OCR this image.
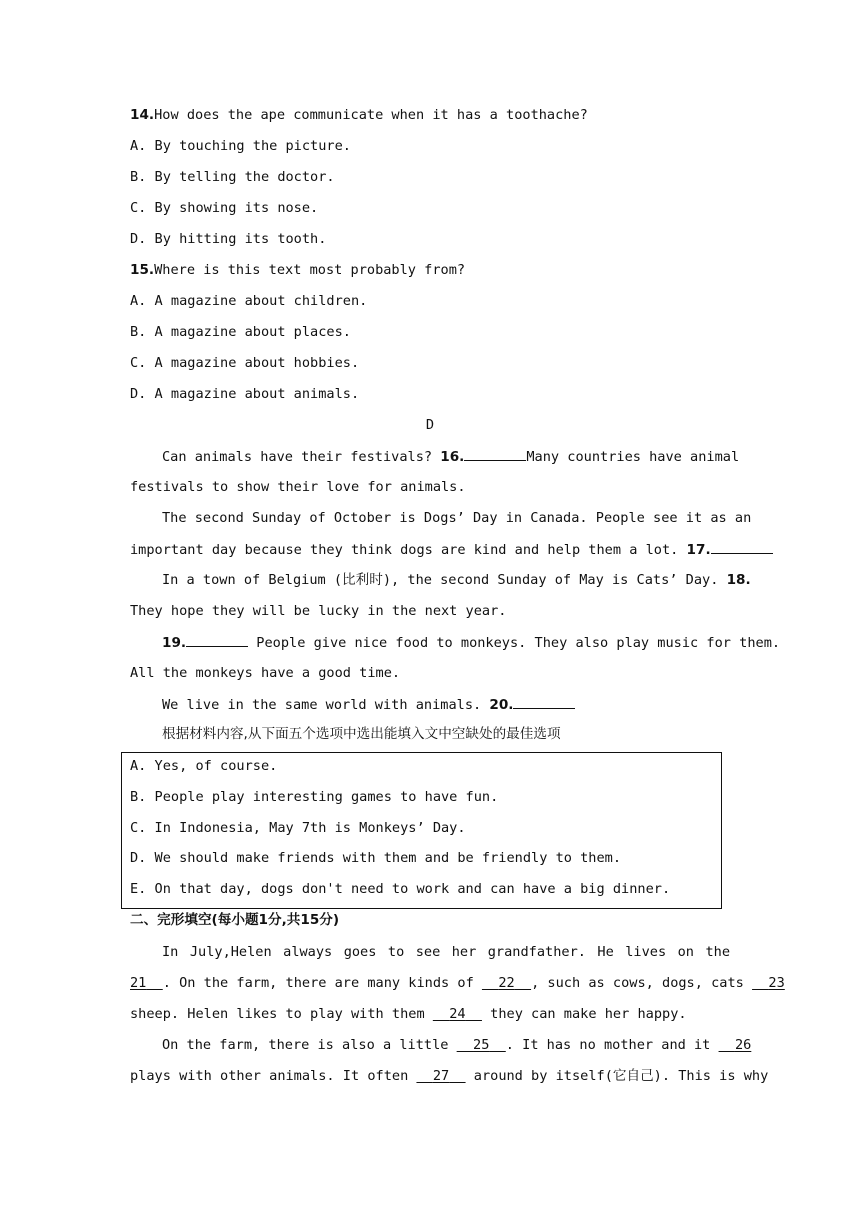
14.How does the ape communicate when it has a toothache?
A. By touching the picture.
B. By telling the doctor.
C. By showing its nose.
D. By hitting its tooth.
15.Where is this text most probably from?
A. A magazine about children.
B. A magazine about places.
C. A magazine about hobbies.
D. A magazine about animals.
D
Can animals have their festivals? 16.	Many countries have animal
festivals to show their love for animals.
The second Sunday of October is Dogs’ Day in Canada. People see it as an
important day because they think dogs are kind and help them a lot. 17.
In a town of Belgium (比利时), the second Sunday of May is Cats’ Day. 18.
They hope they will be lucky in the next year.
19.	People give nice food to monkeys. They also play music for them.
All the monkeys have a good time.
We live in the same world with animals. 20.
根据材料内容,从下面五个选项中选出能填入文中空缺处的最佳选项
A. Yes, of course.
B. People play interesting games to have fun.
C. In Indonesia, May 7th is Monkeys’ Day.
D. We should make friends with them and be friendly to them.
E. On that day, dogs don't need to work and can have a big dinner.
二、完形填空(每小题1分,共15分)
In July,Helen always goes to see her grandfather. He lives on the
21 . On the farm, there are many kinds of 22 , such as cows, dogs, cats 23
sheep. Helen likes to play with them 24 they can make her happy.
On the farm, there is also a little 25 . It has no mother and it 26
plays with other animals. It often 27 around by itself(它自己). This is why
